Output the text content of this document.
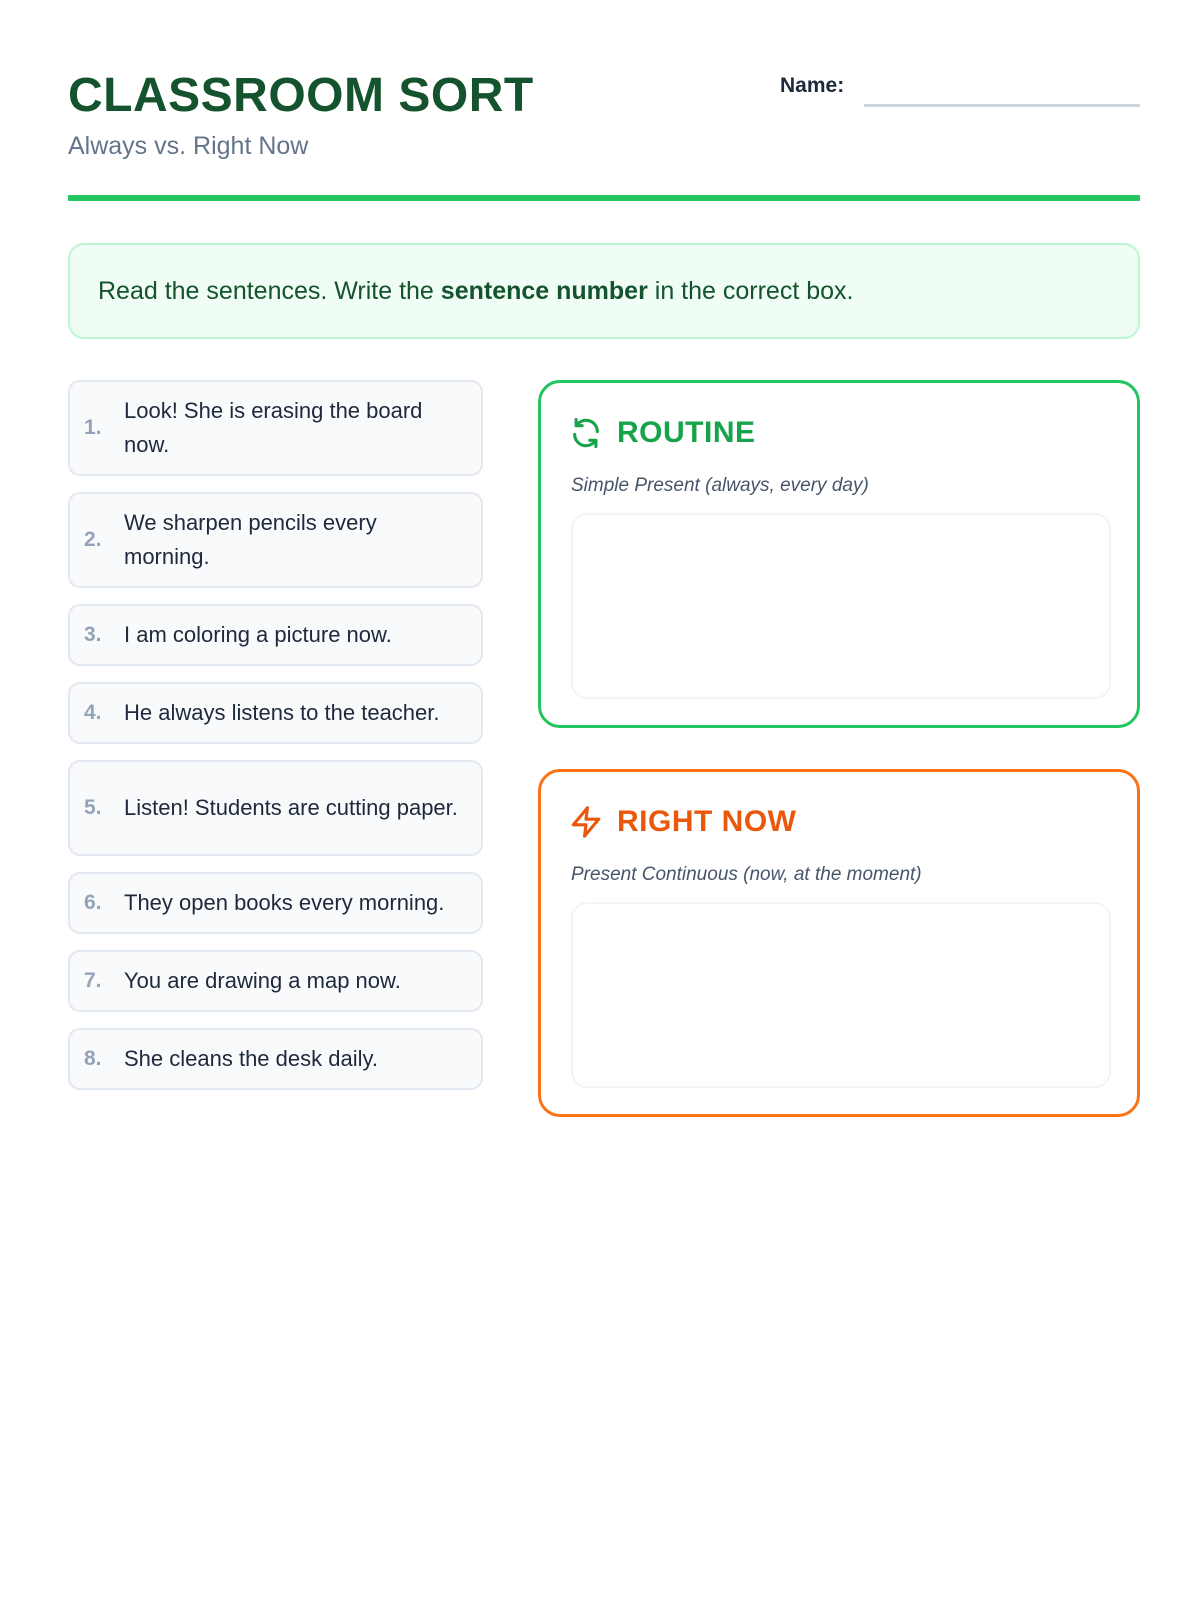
CLASSROOM SORT
Always vs. Right Now
Name:
Read the sentences. Write the sentence number in the correct box.
1.
Look! She is erasing the board now.
2.
We sharpen pencils every morning.
3.	I am coloring a picture now.
4.	He always listens to the teacher.
5.	Listen! Students are cutting paper.
6.	They open books every morning.
7.	You are drawing a map now.
8.	She cleans the desk daily.
ROUTINE
Simple Present (always, every day)
RIGHT NOW
Present Continuous (now, at the moment)
